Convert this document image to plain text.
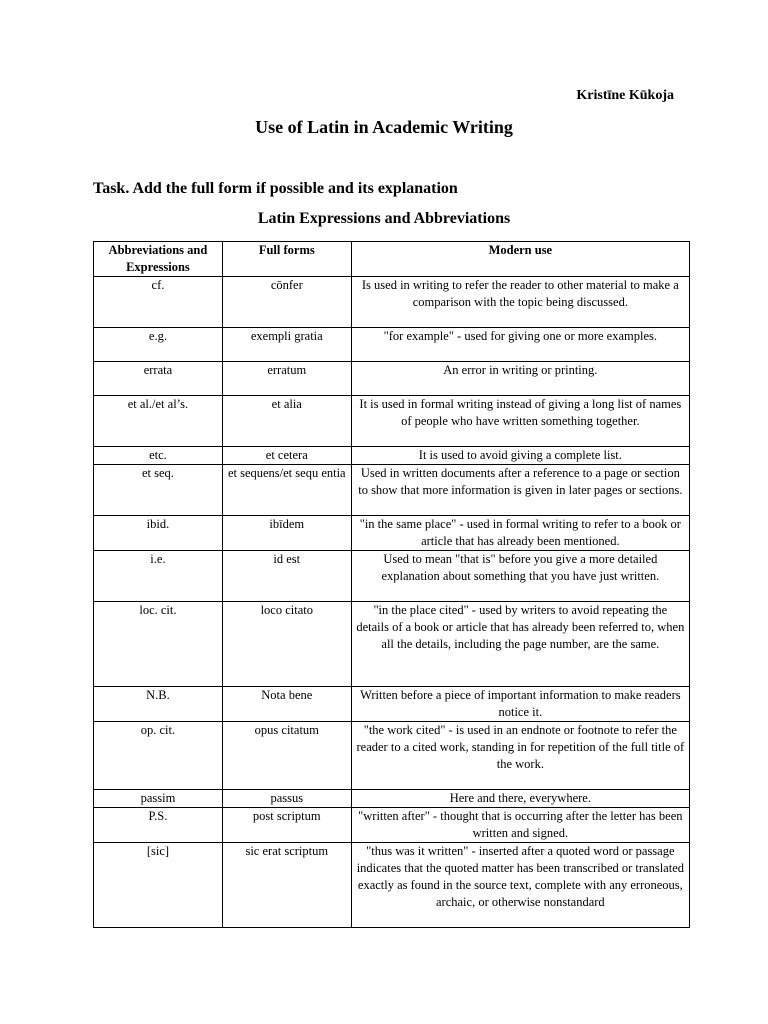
Kristīne Kūkoja
Use of Latin in Academic Writing
Task. Add the full form if possible and its explanation
Latin Expressions and Abbreviations
Abbreviations and Expressions	Full forms	Modern use
cf.	cōnfer	Is used in writing to refer the reader to other material to make a comparison with the topic being discussed.
e.g.	exempli gratia	"for example" - used for giving one or more examples.
errata	erratum	An error in writing or printing.
et al./et al’s.	et alia	It is used in formal writing instead of giving a long list of names of people who have written something together.
etc.	et cetera	It is used to avoid giving a complete list.
et seq.	et sequens/et sequ entia	Used in written documents after a reference to a page or section to show that more information is given in later pages or sections.
ibid.	ibīdem	"in the same place" - used in formal writing to refer to a book or article that has already been mentioned.
i.e.	id est	Used to mean "that is" before you give a more detailed explanation about something that you have just written.
loc. cit.	loco citato	"in the place cited" - used by writers to avoid repeating the details of a book or article that has already been referred to, when all the details, including the page number, are the same.
N.B.	Nota bene	Written before a piece of important information to make readers notice it.
op. cit.	opus citatum	"the work cited" - is used in an endnote or footnote to refer the reader to a cited work, standing in for repetition of the full title of the work.
passim	passus	Here and there, everywhere.
P.S.	post scriptum	"written after" - thought that is occurring after the letter has been written and signed.
[sic]	sic erat scriptum	"thus was it written" - inserted after a quoted word or passage indicates that the quoted matter has been transcribed or translated exactly as found in the source text, complete with any erroneous, archaic, or otherwise nonstandard
